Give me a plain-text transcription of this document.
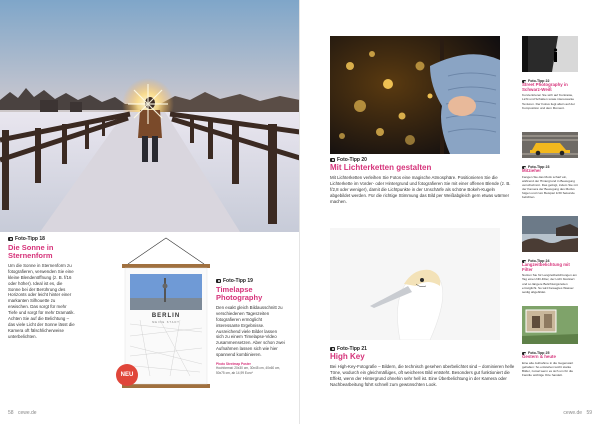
Foto-Tipp 18
Die Sonne in Sternenform
Um die Sonne in Sternenform zu fotografieren, verwenden Sie eine kleine Blendenöffnung (z. B. f/16 oder höher). Ideal ist es, die Sonne bei der Berührung des Horizonts oder leicht hinter einer markanten Silhouette zu erwischen. Das sorgt für mehr Tiefe und sorgt für mehr Dramatik. Achten Sie auf die Belichtung – das viele Licht der Sonne lässt die Kamera oft fälschlicherweise unterbelichten.
BERLIN
MEINE STADT
NEU
Foto-Tipp 19
Timelapse Photography
Den exakt gleich Bildausschnitt zu verschiedenen Tageszeiten fotografieren ermöglicht interessante Ergebnisse. Ausreichend viele Bilder lassen sich zu einem Timelapse-Video zusammensetzen. Aber schon zwei Aufnahmen lassen sich wie hier spannend kombinieren.
Photo Steelmap Poster
Hochformat: 20x30 cm, 30x45 cm, 40x60 cm, 50x75 cm, ab 14,99 Euro*
58 cewe.de
Foto-Tipp 20
Mit Lichterketten gestalten
Mit Lichterketten verleihen Sie Fotos eine magische Atmosphäre. Positionieren Sie die Lichterkette im Vorder- oder Hintergrund und fotografieren Sie mit einer offenen Blende (z. B. f/2,8 oder weniger), damit die Lichtpunkte in der Unschärfe als schöne Bokeh-Kugeln abgebildet werden. Für die richtige Stimmung das Bild per Weißabgleich gern etwas wärmer machen.
Foto-Tipp 21
High Key
Bei High-Key-Fotografie – Bildern, die technisch gesehen überbelichtet sind – dominieren helle Töne, wodurch ein gleichmäßiges, oft weicheres Bild entsteht. Besonders gut funktioniert die Effekt, wenn der Hintergrund ohnehin sehr hell ist. Eine Überbelichtung in der Kamera oder Nachbearbeitung führt schnell zum gewünschten Look.
Foto-Tipp 22
Street Photography in Schwarz-Weiß
Konzentrieren Sie sich auf Kontraste, Licht und Schatten sowie interessante Texturen. Der Fokus liegt allein auf der Komposition und dem Moment.
Foto-Tipp 23
Mitzieher
Fangen Sie das Motiv scharf ein, während der Hintergrund in Bewegung verschwimmt. Das gelingt, indem Sie mit der Kamera der Bewegung des Motivs folgen und zum Beispiel 1/30 Sekunde belichten.
Foto-Tipp 24
Langzeitbelichtung mit Filter
Nutzen Sie für Langzeitbelichtungen am Tag einen ND-Filter, der Licht blockiert und so längere Belichtungszeiten ermöglicht. So wird bewegtes Wasser seidig abgebildet.
Foto-Tipp 25
Gestern & heute
Eine alte Aufnahme in die Gegenwart gehalten: So entstehen leicht starke Bilder, zumal wenn es sich um für die Familie wichtige Orte handelt.
cewe.de 59
